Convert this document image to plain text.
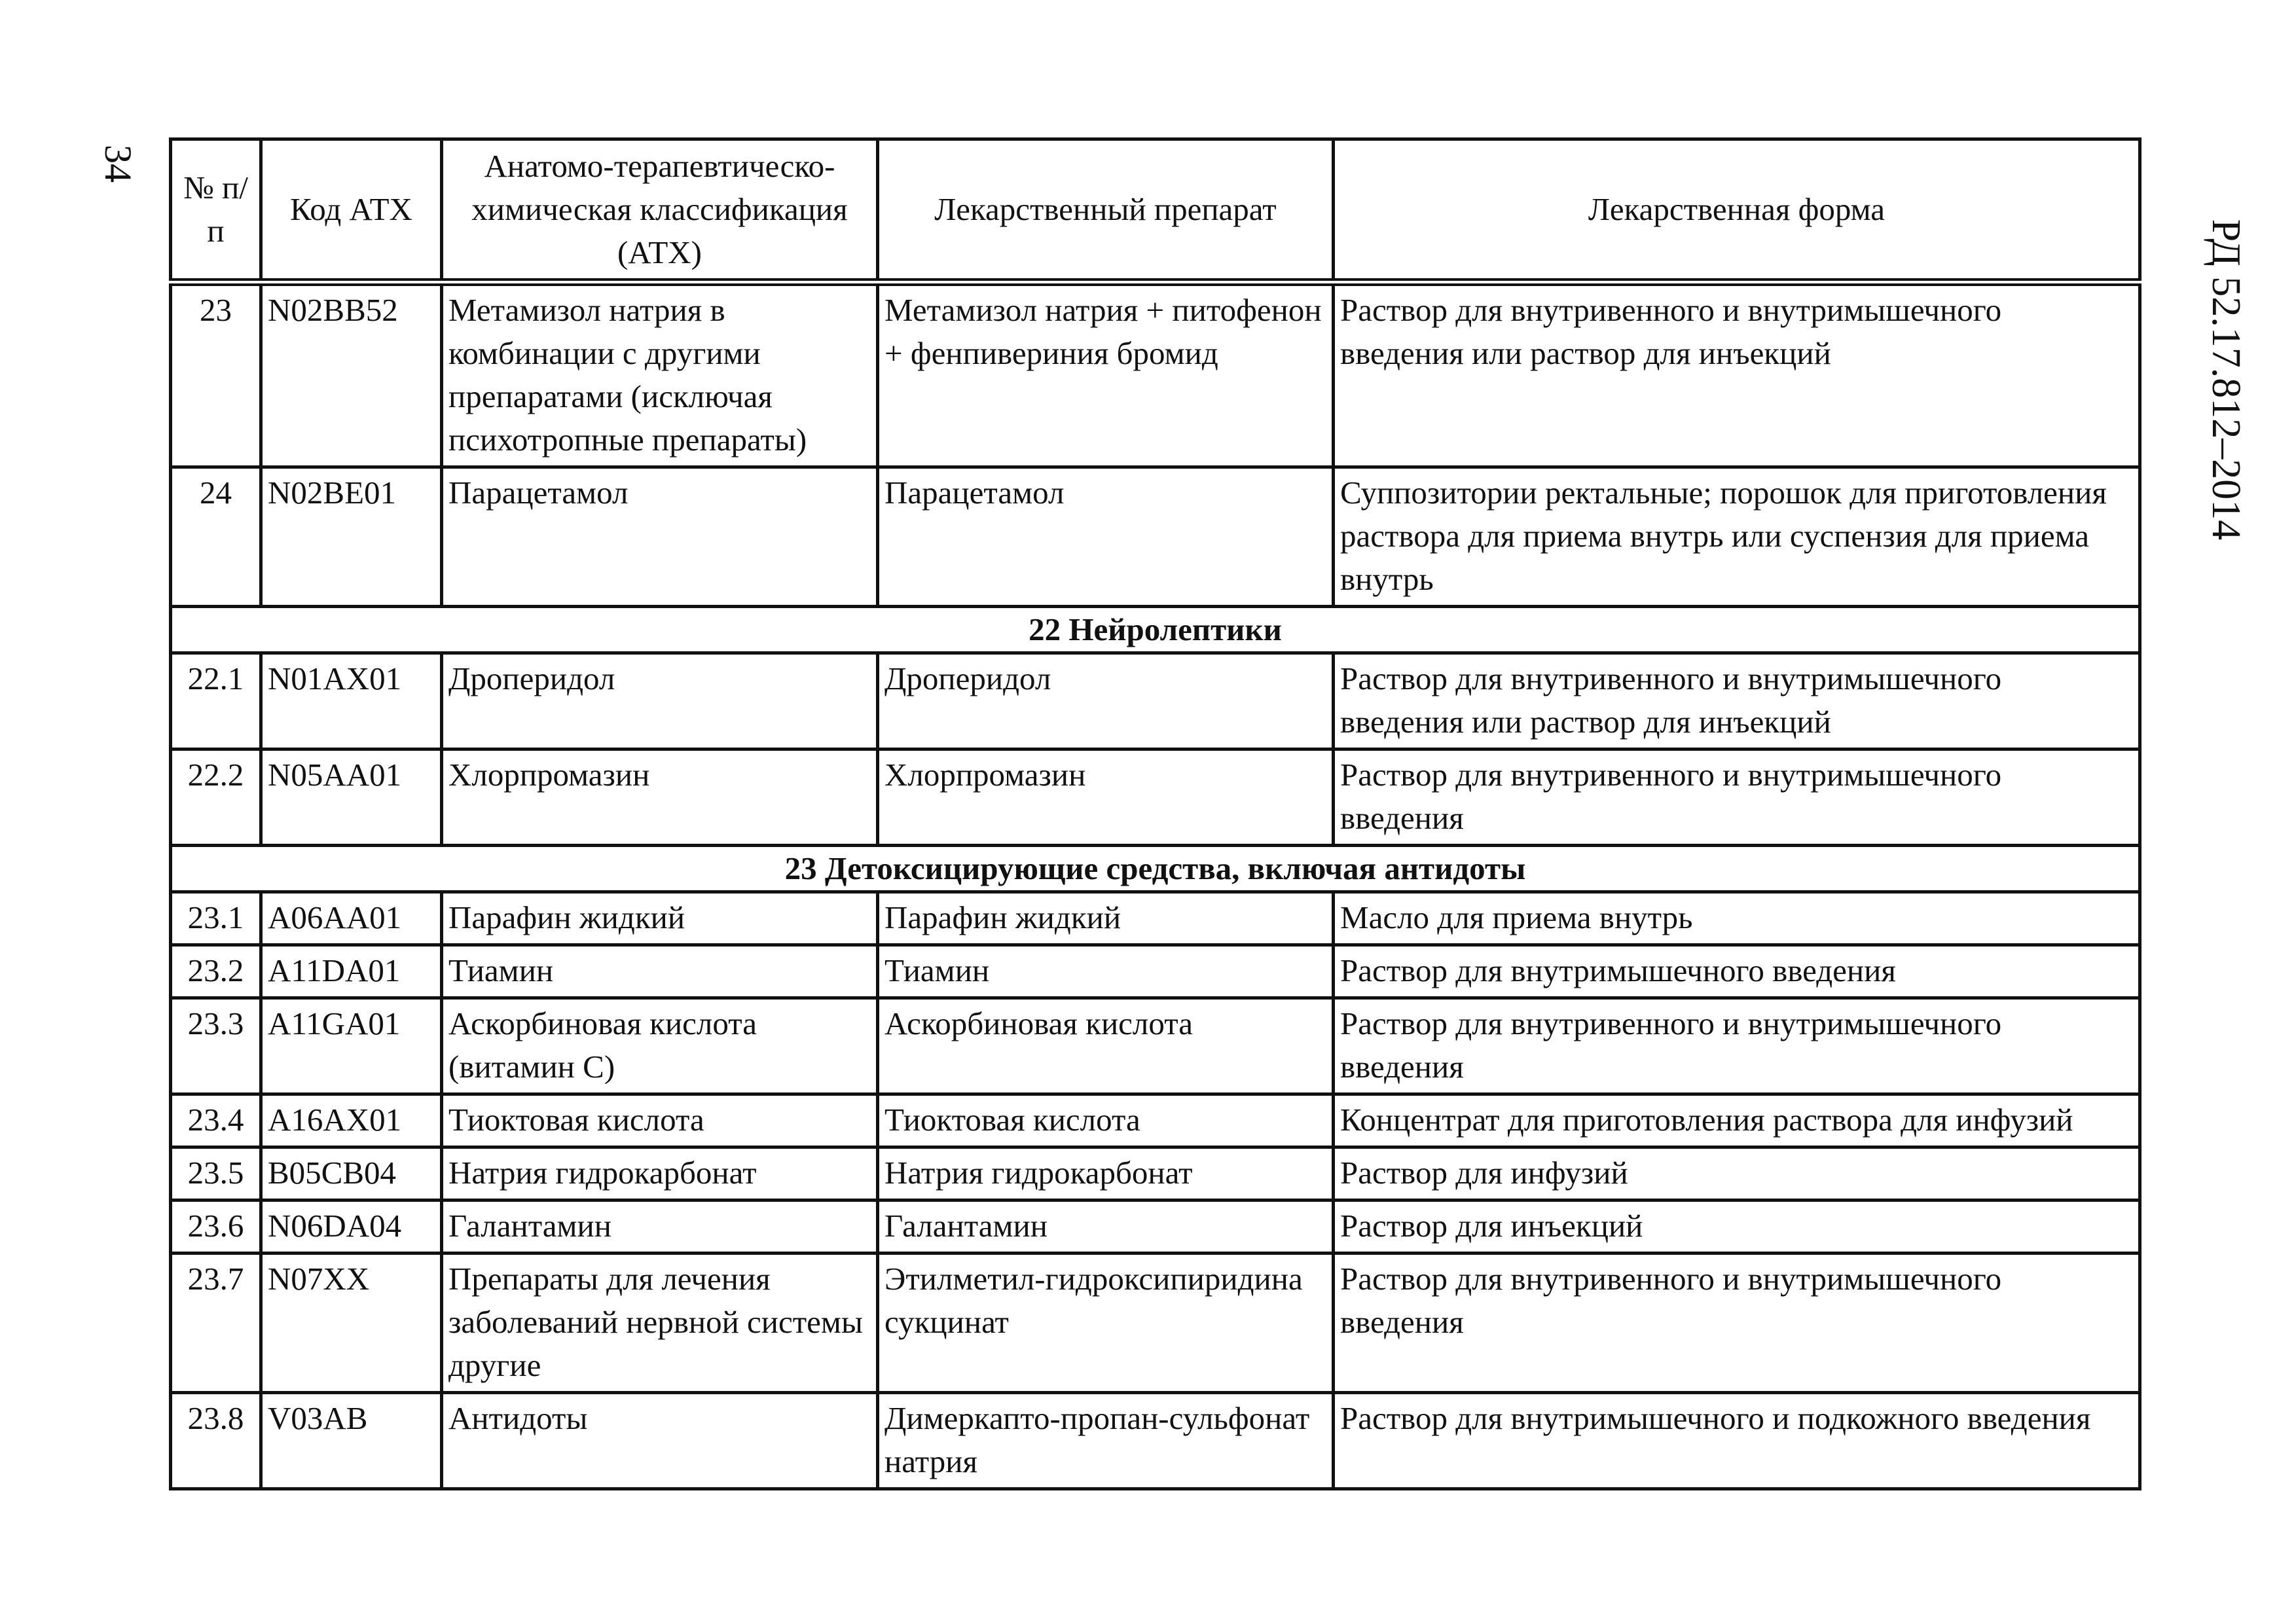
34
РД 52.17.812–2014
№ п/п	Код АТХ	Анатомо-терапевтическо-химическая классификация (АТХ)	Лекарственный препарат	Лекарственная форма
23	N02BB52	Метамизол натрия в комбинации с другими препаратами (исключая психотропные препараты)	Метамизол натрия + питофенон + фенпивериния бромид	Раствор для внутривенного и внутримышечного введения или раствор для инъекций
24	N02BE01	Парацетамол	Парацетамол	Суппозитории ректальные; порошок для приготовления раствора для приема внутрь или суспензия для приема внутрь
22 Нейролептики				
22.1	N01AX01	Дроперидол	Дроперидол	Раствор для внутривенного и внутримышечного введения или раствор для инъекций
22.2	N05AA01	Хлорпромазин	Хлорпромазин	Раствор для внутривенного и внутримышечного введения
23 Детоксицирующие средства, включая антидоты				
23.1	A06AA01	Парафин жидкий	Парафин жидкий	Масло для приема внутрь
23.2	A11DA01	Тиамин	Тиамин	Раствор для внутримышечного введения
23.3	A11GA01	Аскорбиновая кислота (витамин С)	Аскорбиновая кислота	Раствор для внутривенного и внутримышечного введения
23.4	A16AX01	Тиоктовая кислота	Тиоктовая кислота	Концентрат для приготовления раствора для инфузий
23.5	B05CB04	Натрия гидрокарбонат	Натрия гидрокарбонат	Раствор для инфузий
23.6	N06DA04	Галантамин	Галантамин	Раствор для инъекций
23.7	N07XX	Препараты для лечения заболеваний нервной системы другие	Этилметил-гидроксипиридина сукцинат	Раствор для внутривенного и внутримышечного введения
23.8	V03AB	Антидоты	Димеркапто-пропан-сульфонат натрия	Раствор для внутримышечного и подкожного введения
